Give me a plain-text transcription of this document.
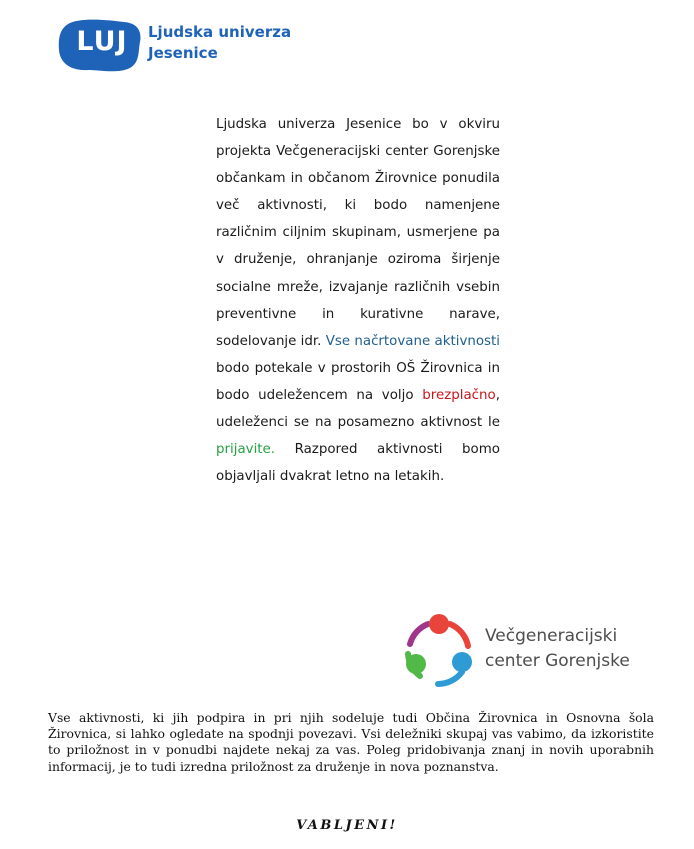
LUJ	Ljudska univerza
Jesenice
Ljudska univerza Jesenice bo v okviru projekta Večgeneracijski center Gorenjske občankam in občanom Žirovnice ponudila več aktivnosti, ki bodo namenjene različnim ciljnim skupinam, usmerjene pa v druženje, ohranjanje oziroma širjenje socialne mreže, izvajanje različnih vsebin preventivne in kurativne narave, sodelovanje idr. Vse načrtovane aktivnosti bodo potekale v prostorih OŠ Žirovnica in bodo udeležencem na voljo brezplačno, udeleženci se na posamezno aktivnost le prijavite. Razpored aktivnosti bomo objavljali dvakrat letno na letakih.
Večgeneracijski
center Gorenjske
Vse aktivnosti, ki jih podpira in pri njih sodeluje tudi Občina Žirovnica in Osnovna šola Žirovnica, si lahko ogledate na spodnji povezavi. Vsi deležniki skupaj vas vabimo, da izkoristite to priložnost in v ponudbi najdete nekaj za vas. Poleg pridobivanja znanj in novih uporabnih informacij, je to tudi izredna priložnost za druženje in nova poznanstva.
VABLJENI!
